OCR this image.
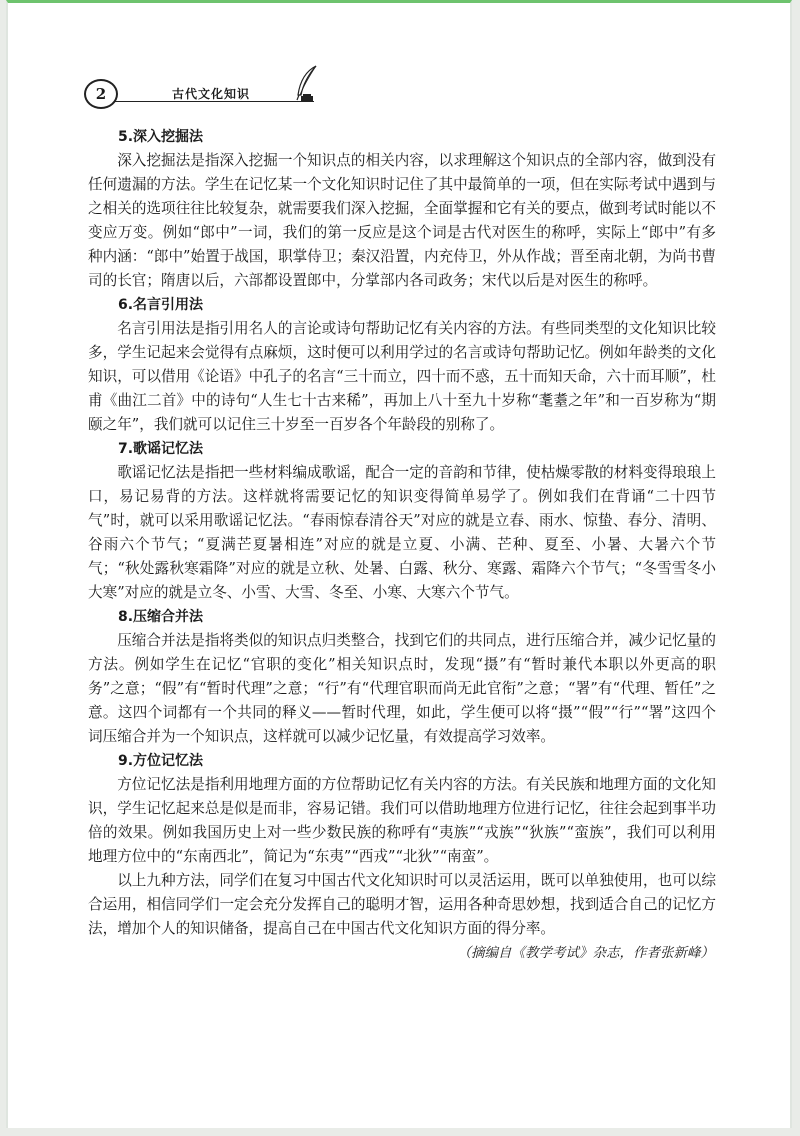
2	古代文化知识

5.深入挖掘法

深入挖掘法是指深入挖掘一个知识点的相关内容，以求理解这个知识点的全部内容，做到没有任何遗漏的方法。学生在记忆某一个文化知识时记住了其中最简单的一项，但在实际考试中遇到与之相关的选项往往比较复杂，就需要我们深入挖掘，全面掌握和它有关的要点，做到考试时能以不变应万变。例如“郎中”一词，我们的第一反应是这个词是古代对医生的称呼，实际上“郎中”有多种内涵：“郎中”始置于战国，职掌侍卫；秦汉沿置，内充侍卫，外从作战；晋至南北朝，为尚书曹司的长官；隋唐以后，六部都设置郎中，分掌部内各司政务；宋代以后是对医生的称呼。

6.名言引用法

名言引用法是指引用名人的言论或诗句帮助记忆有关内容的方法。有些同类型的文化知识比较多，学生记起来会觉得有点麻烦，这时便可以利用学过的名言或诗句帮助记忆。例如年龄类的文化知识，可以借用《论语》中孔子的名言“三十而立，四十而不惑，五十而知天命，六十而耳顺”，杜甫《曲江二首》中的诗句“人生七十古来稀”，再加上八十至九十岁称“耄耋之年”和一百岁称为“期颐之年”，我们就可以记住三十岁至一百岁各个年龄段的别称了。

7.歌谣记忆法

歌谣记忆法是指把一些材料编成歌谣，配合一定的音韵和节律，使枯燥零散的材料变得琅琅上口，易记易背的方法。这样就将需要记忆的知识变得简单易学了。例如我们在背诵“二十四节气”时，就可以采用歌谣记忆法。“春雨惊春清谷天”对应的就是立春、雨水、惊蛰、春分、清明、谷雨六个节气；“夏满芒夏暑相连”对应的就是立夏、小满、芒种、夏至、小暑、大暑六个节气；“秋处露秋寒霜降”对应的就是立秋、处暑、白露、秋分、寒露、霜降六个节气；“冬雪雪冬小大寒”对应的就是立冬、小雪、大雪、冬至、小寒、大寒六个节气。

8.压缩合并法

压缩合并法是指将类似的知识点归类整合，找到它们的共同点，进行压缩合并，减少记忆量的方法。例如学生在记忆“官职的变化”相关知识点时，发现“摄”有“暂时兼代本职以外更高的职务”之意；“假”有“暂时代理”之意；“行”有“代理官职而尚无此官衔”之意；“署”有“代理、暂任”之意。这四个词都有一个共同的释义——暂时代理，如此，学生便可以将“摄”“假”“行”“署”这四个词压缩合并为一个知识点，这样就可以减少记忆量，有效提高学习效率。

9.方位记忆法

方位记忆法是指利用地理方面的方位帮助记忆有关内容的方法。有关民族和地理方面的文化知识，学生记忆起来总是似是而非，容易记错。我们可以借助地理方位进行记忆，往往会起到事半功倍的效果。例如我国历史上对一些少数民族的称呼有“夷族”“戎族”“狄族”“蛮族”，我们可以利用地理方位中的“东南西北”，简记为“东夷”“西戎”“北狄”“南蛮”。

以上九种方法，同学们在复习中国古代文化知识时可以灵活运用，既可以单独使用，也可以综合运用，相信同学们一定会充分发挥自己的聪明才智，运用各种奇思妙想，找到适合自己的记忆方法，增加个人的知识储备，提高自己在中国古代文化知识方面的得分率。

（摘编自《教学考试》杂志，作者张新峰）
